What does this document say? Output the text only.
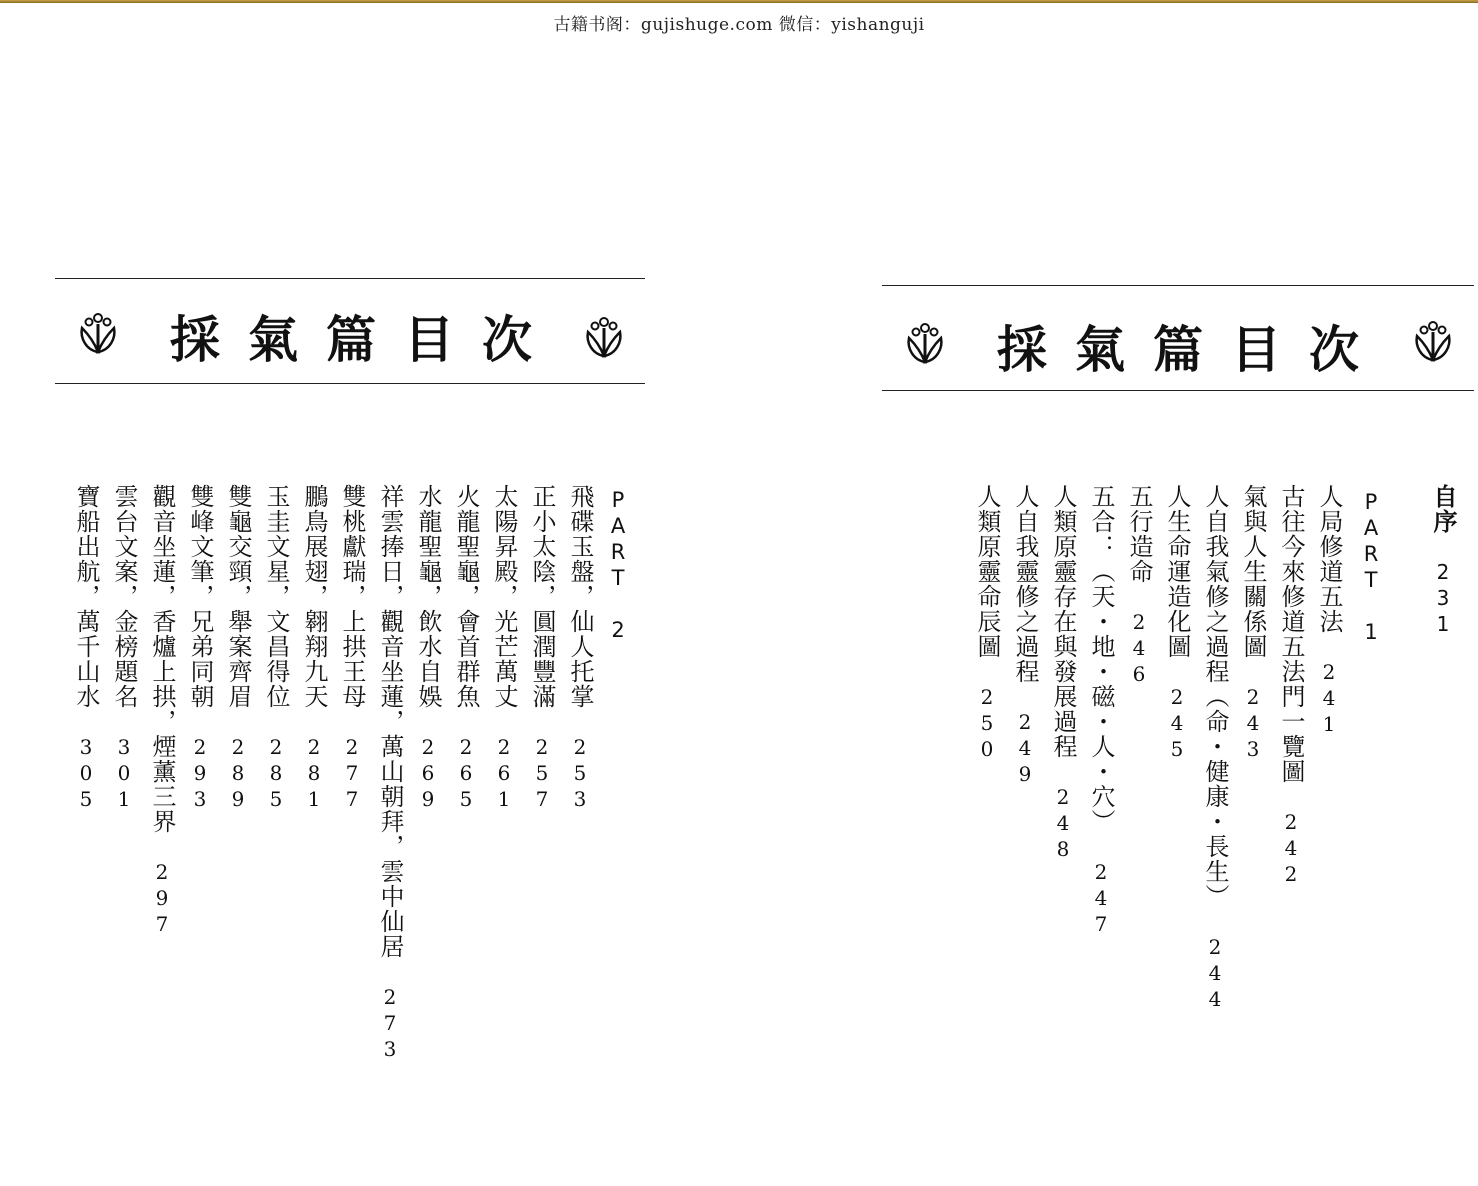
古籍书阁：gujishuge.com 微信：yishanguji
採氣篇目次
PART 2
飛碟玉盤，仙人托掌253
正小太陰，圓潤豐滿257
太陽昇殿，光芒萬丈261
火龍聖龜，會首群魚265
水龍聖龜，飲水自娛269
祥雲捧日，觀音坐蓮，萬山朝拜，雲中仙居273
雙桃獻瑞，上拱王母277
鵬鳥展翅，翱翔九天281
玉圭文星，文昌得位285
雙龜交頸，舉案齊眉289
雙峰文筆，兄弟同朝293
觀音坐蓮，香爐上拱，煙薰三界297
雲台文案，金榜題名301
寶船出航，萬千山水305
採氣篇目次
自序231
PART 1
人局修道五法241
古往今來修道五法門一覽圖242
氣與人生關係圖243
人自我氣修之過程（命・健康・長生）244
人生命運造化圖245
五行造命246
五合：（天・地・磁・人・穴）247
人類原靈存在與發展過程248
人自我靈修之過程249
人類原靈命辰圖250
